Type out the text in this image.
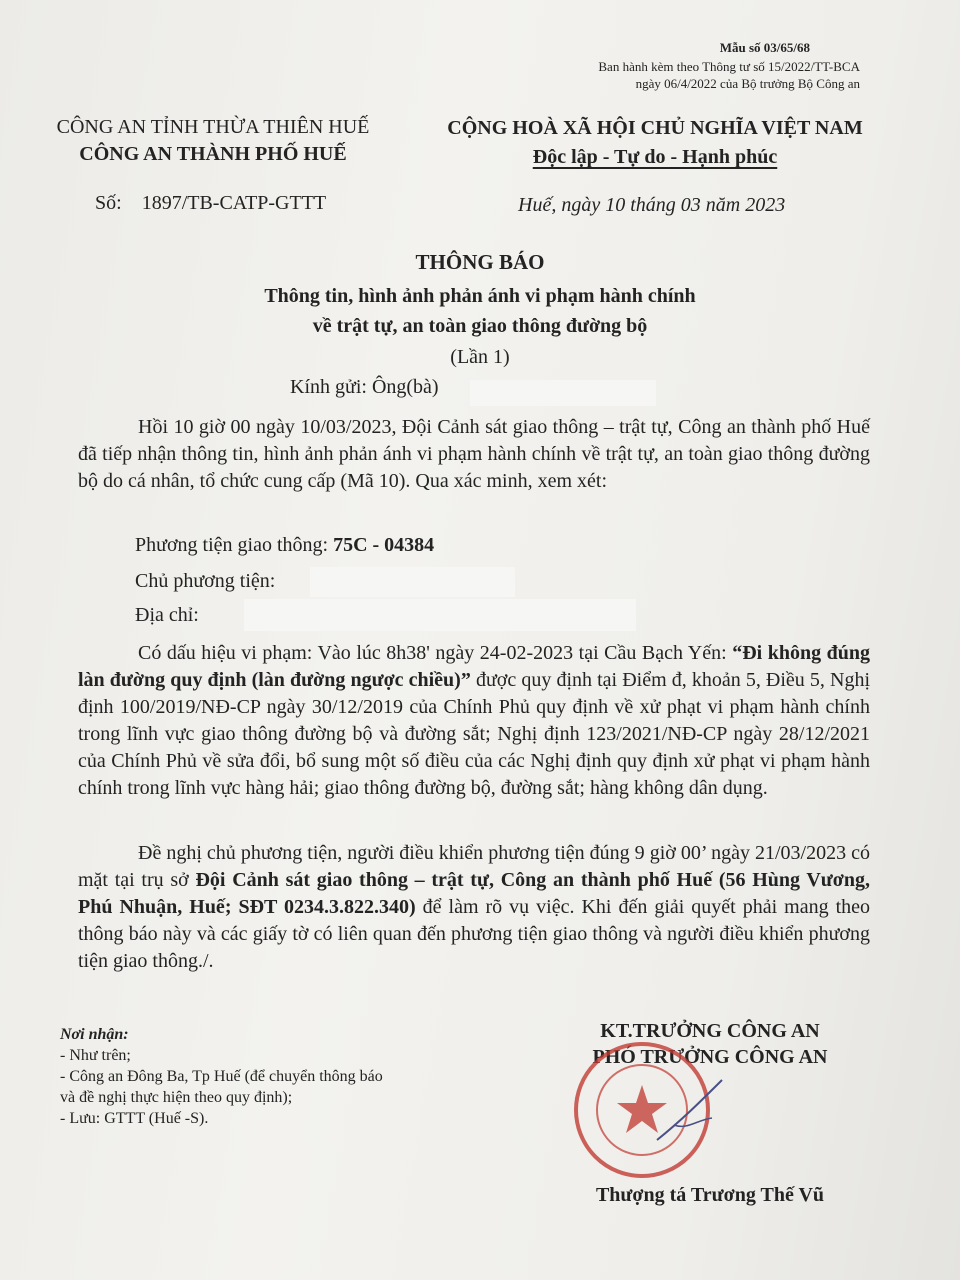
Mẫu số 03/65/68
Ban hành kèm theo Thông tư số 15/2022/TT-BCA
ngày 06/4/2022 của Bộ trưởng Bộ Công an
CÔNG AN TỈNH THỪA THIÊN HUẾ
CÔNG AN THÀNH PHỐ HUẾ
CỘNG HOÀ XÃ HỘI CHỦ NGHĨA VIỆT NAM
Độc lập - Tự do - Hạnh phúc
Số: 1897/TB-CATP-GTTT	Huế, ngày 10 tháng 03 năm 2023
THÔNG BÁO
Thông tin, hình ảnh phản ánh vi phạm hành chính
về trật tự, an toàn giao thông đường bộ
(Lần 1)
Kính gửi: Ông(bà)
Hồi 10 giờ 00 ngày 10/03/2023, Đội Cảnh sát giao thông – trật tự, Công an thành phố Huế đã tiếp nhận thông tin, hình ảnh phản ánh vi phạm hành chính về trật tự, an toàn giao thông đường bộ do cá nhân, tổ chức cung cấp (Mã 10). Qua xác minh, xem xét:
Phương tiện giao thông: 75C - 04384
Chủ phương tiện:
Địa chỉ:
Có dấu hiệu vi phạm: Vào lúc 8h38' ngày 24-02-2023 tại Cầu Bạch Yến: “Đi không đúng làn đường quy định (làn đường ngược chiều)” được quy định tại Điểm đ, khoản 5, Điều 5, Nghị định 100/2019/NĐ-CP ngày 30/12/2019 của Chính Phủ quy định về xử phạt vi phạm hành chính trong lĩnh vực giao thông đường bộ và đường sắt; Nghị định 123/2021/NĐ-CP ngày 28/12/2021 của Chính Phủ về sửa đổi, bổ sung một số điều của các Nghị định quy định xử phạt vi phạm hành chính trong lĩnh vực hàng hải; giao thông đường bộ, đường sắt; hàng không dân dụng.
Đề nghị chủ phương tiện, người điều khiển phương tiện đúng 9 giờ 00’ ngày 21/03/2023 có mặt tại trụ sở Đội Cảnh sát giao thông – trật tự, Công an thành phố Huế (56 Hùng Vương, Phú Nhuận, Huế; SĐT 0234.3.822.340) để làm rõ vụ việc. Khi đến giải quyết phải mang theo thông báo này và các giấy tờ có liên quan đến phương tiện giao thông và người điều khiển phương tiện giao thông./.
Nơi nhận:
- Như trên;
- Công an Đông Ba, Tp Huế (để chuyển thông báo
và đề nghị thực hiện theo quy định);
- Lưu: GTTT (Huế -S).
KT.TRƯỞNG CÔNG AN
PHÓ TRƯỞNG CÔNG AN
Thượng tá Trương Thế Vũ
